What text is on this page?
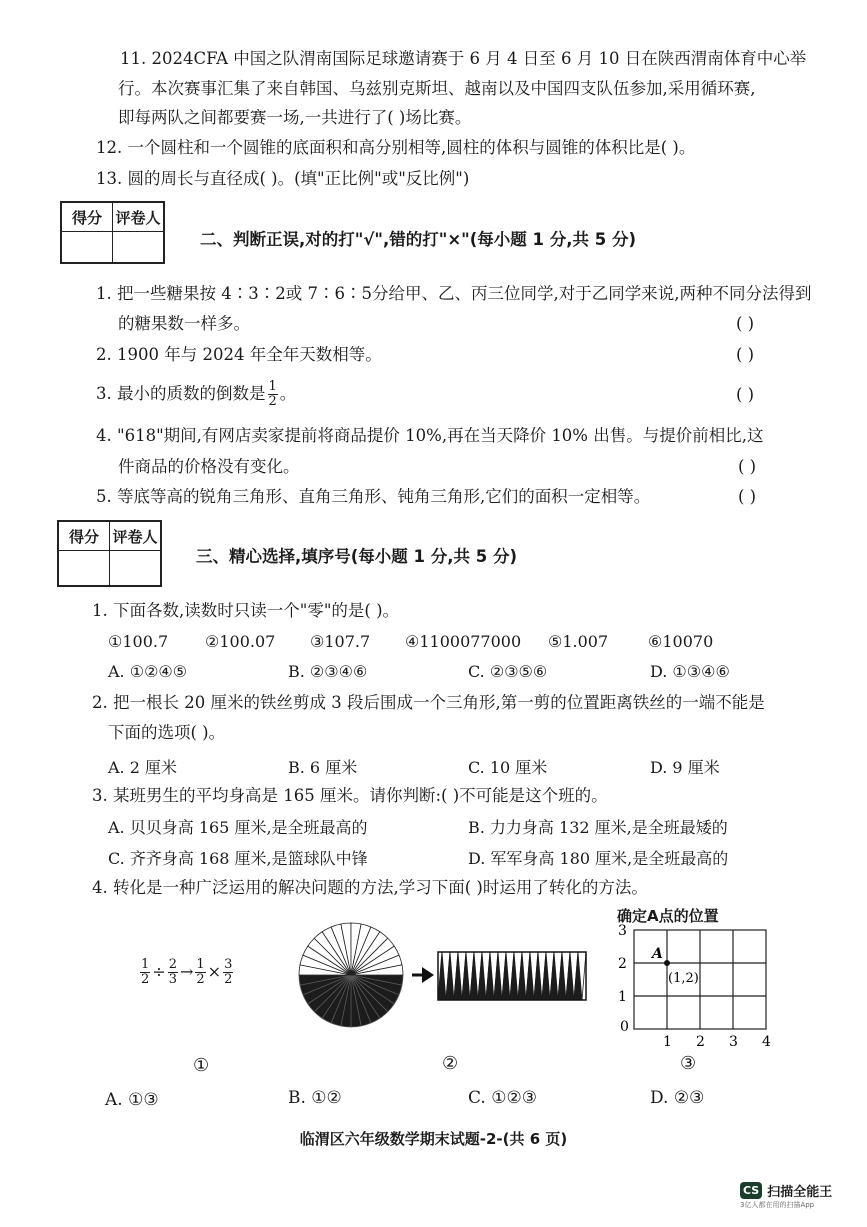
11. 2024CFA 中国之队渭南国际足球邀请赛于 6 月 4 日至 6 月 10 日在陕西渭南体育中心举
行。本次赛事汇集了来自韩国、乌兹别克斯坦、越南以及中国四支队伍参加,采用循环赛,
即每两队之间都要赛一场,一共进行了( )场比赛。
12. 一个圆柱和一个圆锥的底面积和高分别相等,圆柱的体积与圆锥的体积比是( )。
13. 圆的周长与直径成( )。(填"正比例"或"反比例")
得分	评卷人

二、判断正误,对的打"√",错的打"×"(每小题 1 分,共 5 分)
1. 把一些糖果按 4∶3∶2或 7∶6∶5分给甲、乙、丙三位同学,对于乙同学来说,两种不同分法得到
的糖果数一样多。	( )
2. 1900 年与 2024 年全年天数相等。	( )
3. 最小的质数的倒数是 $\frac{1}{2}$ 。	( )
4. "618"期间,有网店卖家提前将商品提价 10%,再在当天降价 10% 出售。与提价前相比,这
件商品的价格没有变化。	( )
5. 等底等高的锐角三角形、直角三角形、钝角三角形,它们的面积一定相等。	( )
得分	评卷人

三、精心选择,填序号(每小题 1 分,共 5 分)
1. 下面各数,读数时只读一个"零"的是( )。
①100.7 ②100.07 ③107.7 ④1100077000 ⑤1.007 ⑥10070
A. ①②④⑤	B. ②③④⑥	C. ②③⑤⑥	D. ①③④⑥
2. 把一根长 20 厘米的铁丝剪成 3 段后围成一个三角形,第一剪的位置距离铁丝的一端不能是
下面的选项( )。
A. 2 厘米	B. 6 厘米	C. 10 厘米	D. 9 厘米
3. 某班男生的平均身高是 165 厘米。请你判断:( )不可能是这个班的。
A. 贝贝身高 165 厘米,是全班最高的	B. 力力身高 132 厘米,是全班最矮的
C. 齐齐身高 168 厘米,是篮球队中锋	D. 军军身高 180 厘米,是全班最高的
4. 转化是一种广泛运用的解决问题的方法,学习下面( )时运用了转化的方法。
$\frac{1}{2} \div \frac{2}{3} \to \frac{1}{2} \times \frac{3}{2}$
确定A点的位置
A
(1,2)
3
2
1
0
1 2 3 4
①	②	③
A. ①③	B. ①②	C. ①②③	D. ②③
临渭区六年级数学期末试题-2-(共 6 页)
CS 扫描全能王
3亿人都在用的扫描App
